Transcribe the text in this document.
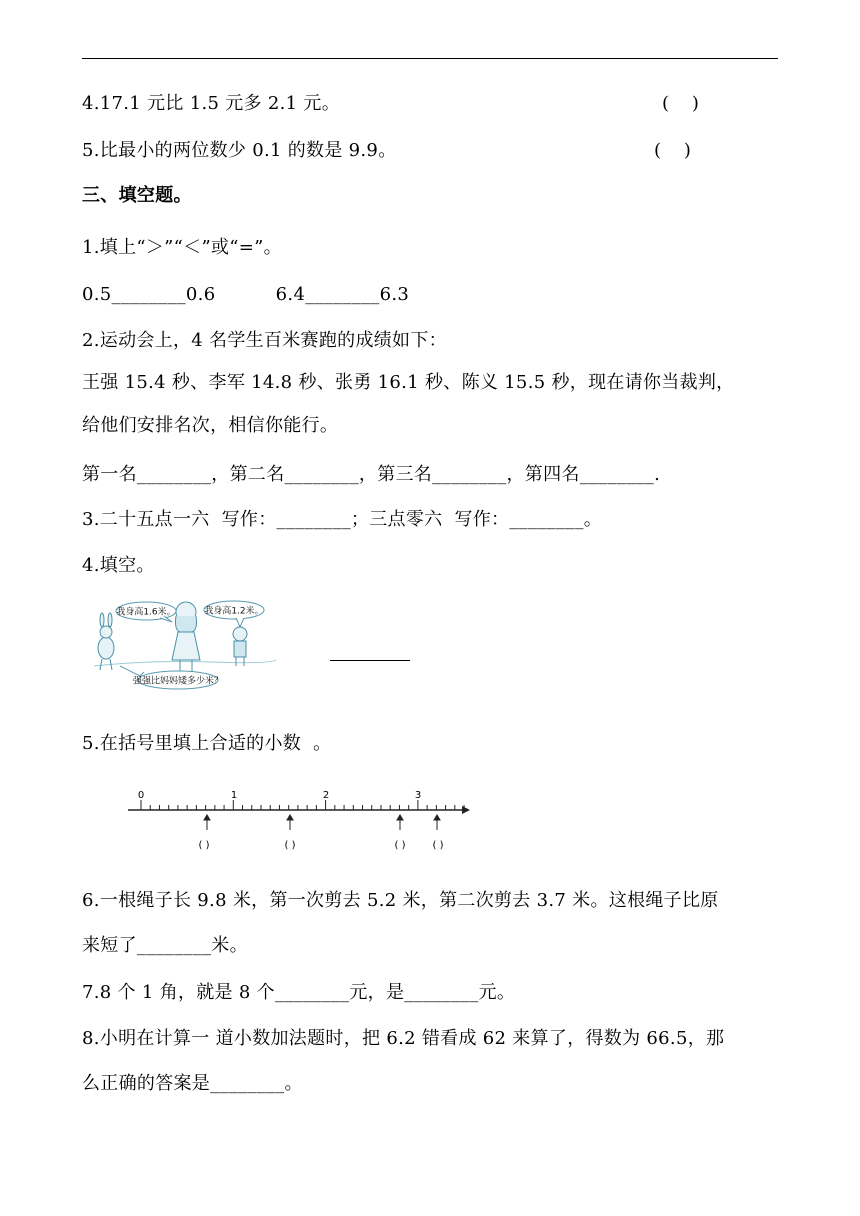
4.17.1 元比 1.5 元多 2.1 元。	(    )
5.比最小的两位数少 0.1 的数是 9.9。	(    )
三、填空题。
1.填上“＞”“＜”或“=”。
0.5________0.6          6.4________6.3
2.运动会上，4 名学生百米赛跑的成绩如下：
王强 15.4 秒、李军 14.8 秒、张勇 16.1 秒、陈义 15.5 秒，现在请你当裁判，
给他们安排名次，相信你能行。
第一名________，第二名________，第三名________，第四名________.
3.二十五点一六  写作：________；三点零六  写作：________。
4.填空。
我身高1.6米。	我身高1.2米。
强强比妈妈矮多少米？
5.在括号里填上合适的小数  。
0	1	2	3
( )	( )	( )	( )
6.一根绳子长 9.8 米，第一次剪去 5.2 米，第二次剪去 3.7 米。这根绳子比原
来短了________米。
7.8 个 1 角，就是 8 个________元，是________元。
8.小明在计算一 道小数加法题时，把 6.2 错看成 62 来算了，得数为 66.5，那
么正确的答案是________。
